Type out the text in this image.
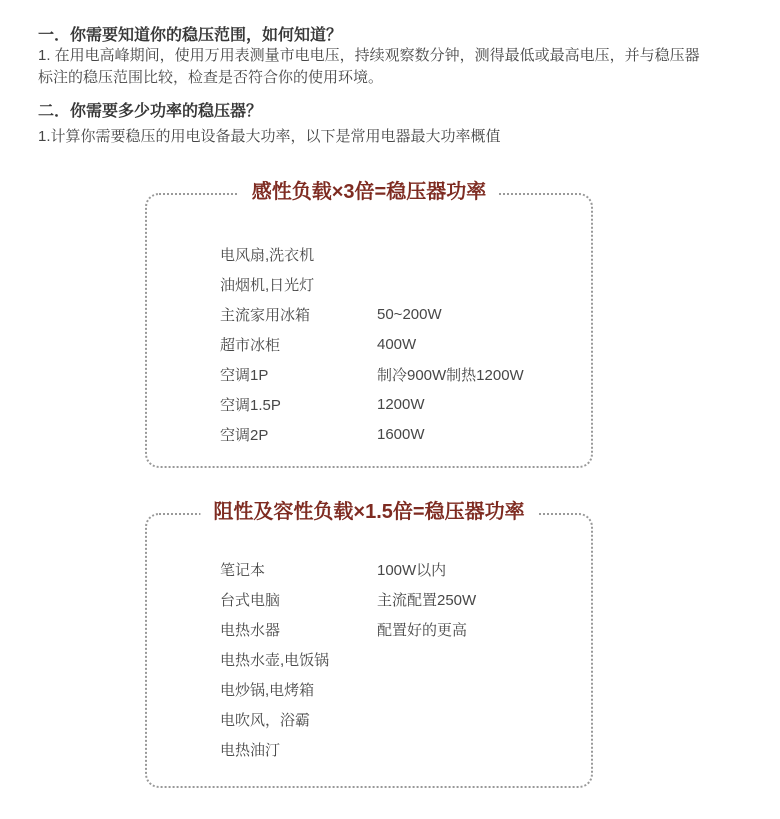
一．你需要知道你的稳压范围，如何知道？
1. 在用电高峰期间，使用万用表测量市电电压，持续观察数分钟，测得最低或最高电压，并与稳压器
标注的稳压范围比较，检查是否符合你的使用环境。
二．你需要多少功率的稳压器？
1.计算你需要稳压的用电设备最大功率，以下是常用电器最大功率概值
感性负载×3倍=稳压器功率
电风扇,洗衣机
油烟机,日光灯
主流家用冰箱	50~200W
超市冰柜	400W
空调1P	制冷900W制热1200W
空调1.5P	1200W
空调2P	1600W
阻性及容性负载×1.5倍=稳压器功率
笔记本	100W以内
台式电脑	主流配置250W
电热水器	配置好的更高
电热水壶,电饭锅
电炒锅,电烤箱
电吹风，浴霸
电热油汀
